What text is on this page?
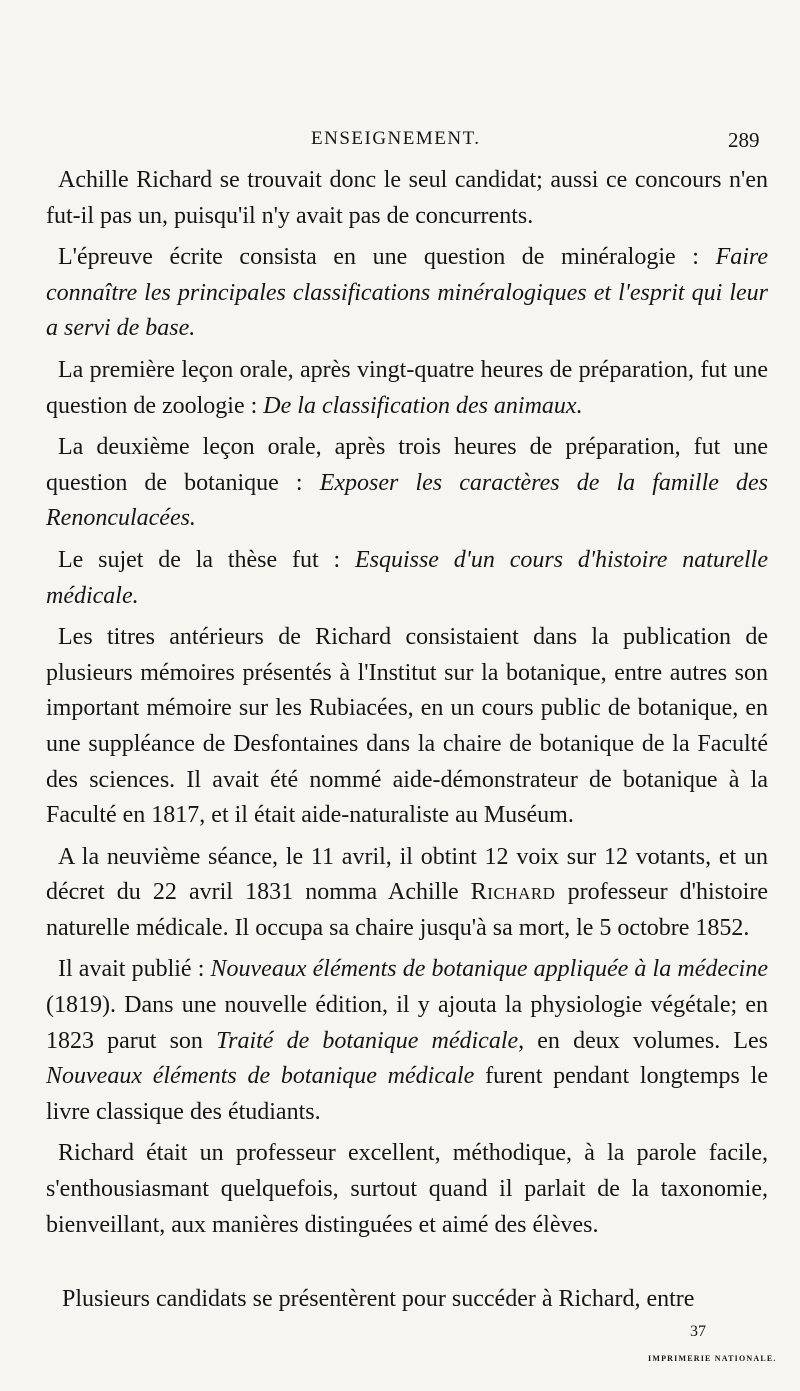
ENSEIGNEMENT.	289

Achille Richard se trouvait donc le seul candidat; aussi ce concours n'en fut-il pas un, puisqu'il n'y avait pas de concurrents.

L'épreuve écrite consista en une question de minéralogie : Faire connaître les principales classifications minéralogiques et l'esprit qui leur a servi de base.

La première leçon orale, après vingt-quatre heures de préparation, fut une question de zoologie : De la classification des animaux.

La deuxième leçon orale, après trois heures de préparation, fut une question de botanique : Exposer les caractères de la famille des Renonculacées.

Le sujet de la thèse fut : Esquisse d'un cours d'histoire naturelle médicale.

Les titres antérieurs de Richard consistaient dans la publication de plusieurs mémoires présentés à l'Institut sur la botanique, entre autres son important mémoire sur les Rubiacées, en un cours public de botanique, en une suppléance de Desfontaines dans la chaire de botanique de la Faculté des sciences. Il avait été nommé aide-démonstrateur de botanique à la Faculté en 1817, et il était aide-naturaliste au Muséum.

A la neuvième séance, le 11 avril, il obtint 12 voix sur 12 votants, et un décret du 22 avril 1831 nomma Achille Richard professeur d'histoire naturelle médicale. Il occupa sa chaire jusqu'à sa mort, le 5 octobre 1852.

Il avait publié : Nouveaux éléments de botanique appliquée à la médecine (1819). Dans une nouvelle édition, il y ajouta la physiologie végétale; en 1823 parut son Traité de botanique médicale, en deux volumes. Les Nouveaux éléments de botanique médicale furent pendant longtemps le livre classique des étudiants.

Richard était un professeur excellent, méthodique, à la parole facile, s'enthousiasmant quelquefois, surtout quand il parlait de la taxonomie, bienveillant, aux manières distinguées et aimé des élèves.

Plusieurs candidats se présentèrent pour succéder à Richard, entre

37
IMPRIMERIE NATIONALE.
